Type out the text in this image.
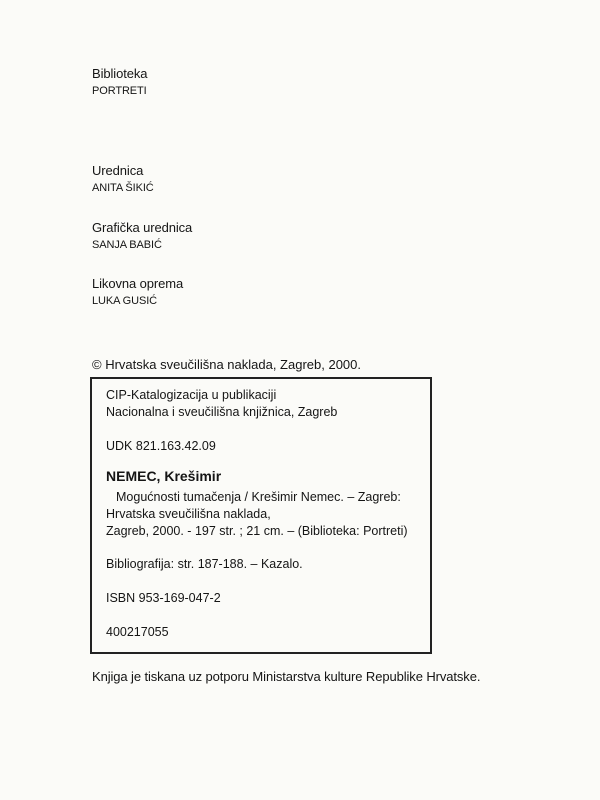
Biblioteka
PORTRETI
Urednica
ANITA ŠIKIĆ
Grafička urednica
SANJA BABIĆ
Likovna oprema
LUKA GUSIĆ
© Hrvatska sveučilišna naklada, Zagreb, 2000.
CIP-Katalogizacija u publikaciji
Nacionalna i sveučilišna knjižnica, Zagreb
UDK 821.163.42.09
NEMEC, Krešimir
Mogućnosti tumačenja / Krešimir Nemec. – Zagreb:
Hrvatska sveučilišna naklada,
Zagreb, 2000. - 197 str. ; 21 cm. – (Biblioteka: Portreti)
Bibliografija: str. 187-188. – Kazalo.
ISBN 953-169-047-2
400217055
Knjiga je tiskana uz potporu Ministarstva kulture Republike Hrvatske.
